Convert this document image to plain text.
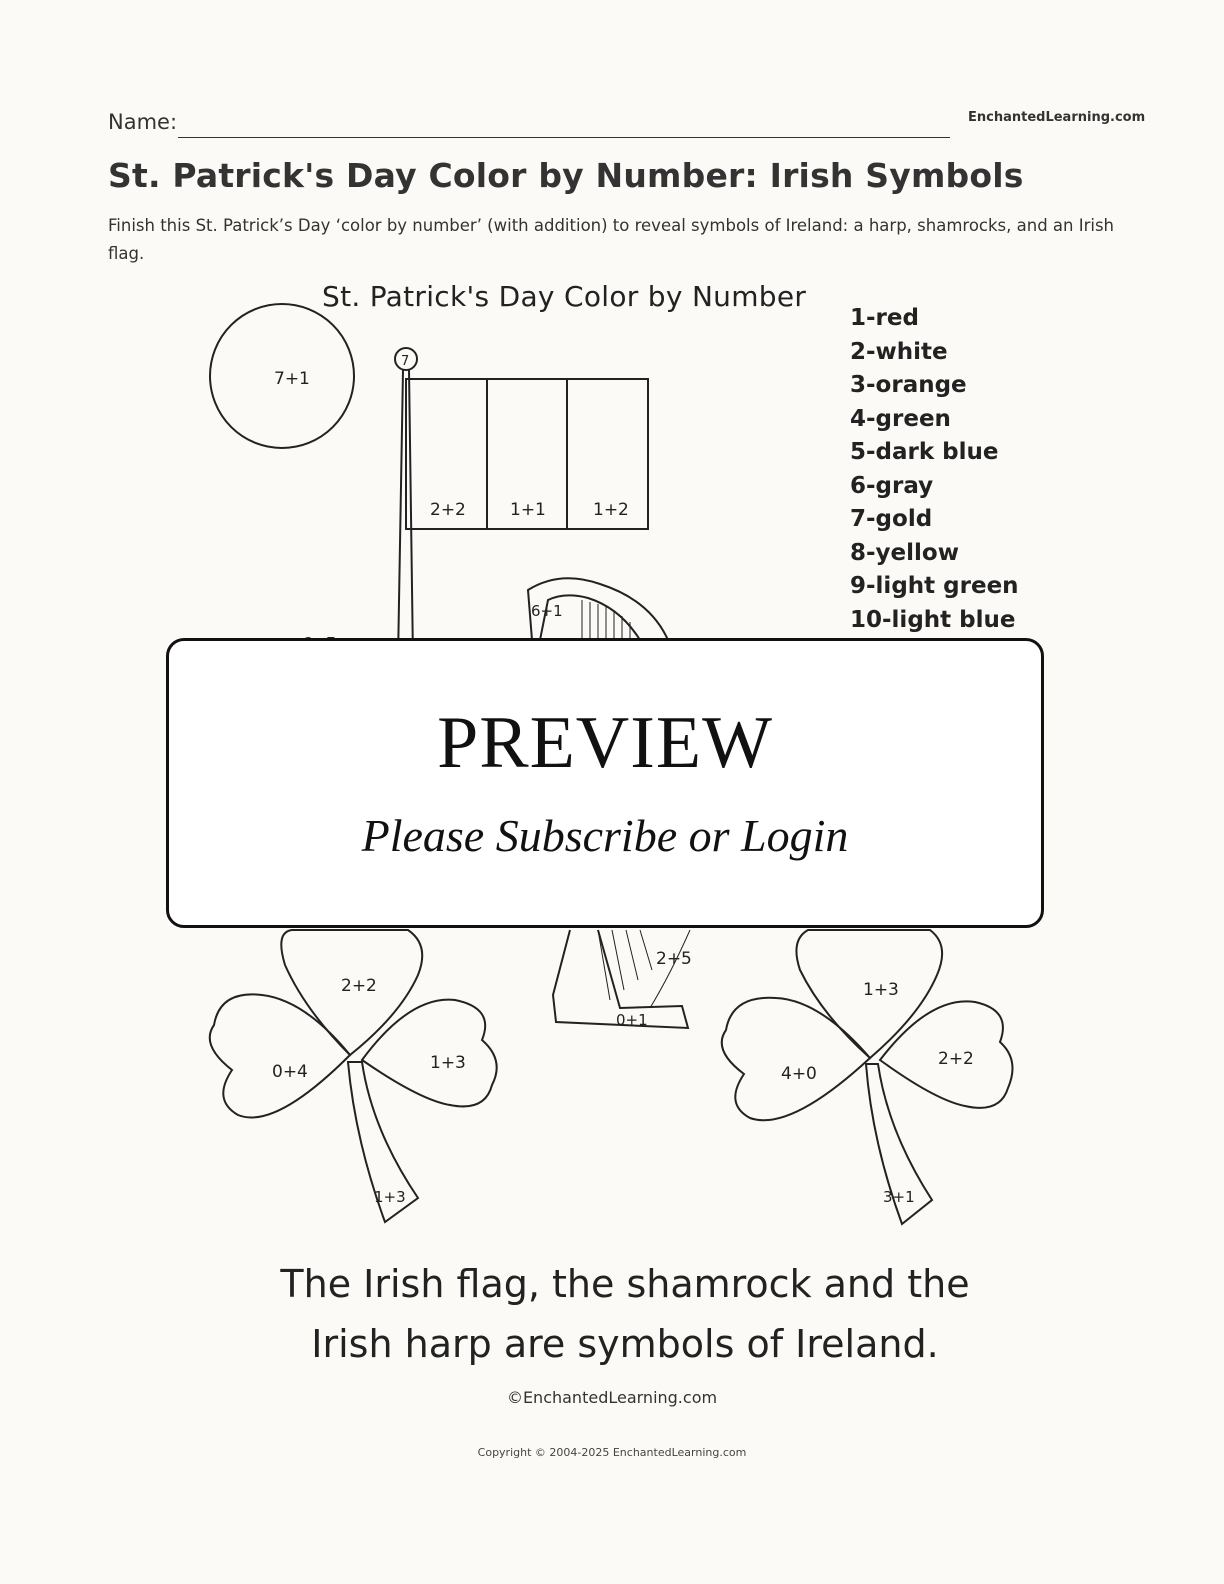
Name:	EnchantedLearning.com
St. Patrick's Day Color by Number: Irish Symbols
Finish this St. Patrick’s Day ‘color by number’ (with addition) to reveal symbols of Ireland: a harp, shamrocks, and an Irish flag.
St. Patrick's Day Color by Number
1-red
2-white
3-orange
4-green
5-dark blue
6-gray
7-gold
8-yellow
9-light green
10-light blue
7+1
7
2+2	1+1	1+2
6+1
2+5
0+1
2+2
0+4	1+3
1+3
1+3
4+0
2+2
3+1
PREVIEW
Please Subscribe or Login
The Irish flag, the shamrock and the
Irish harp are symbols of Ireland.
©EnchantedLearning.com
Copyright © 2004-2025 EnchantedLearning.com
